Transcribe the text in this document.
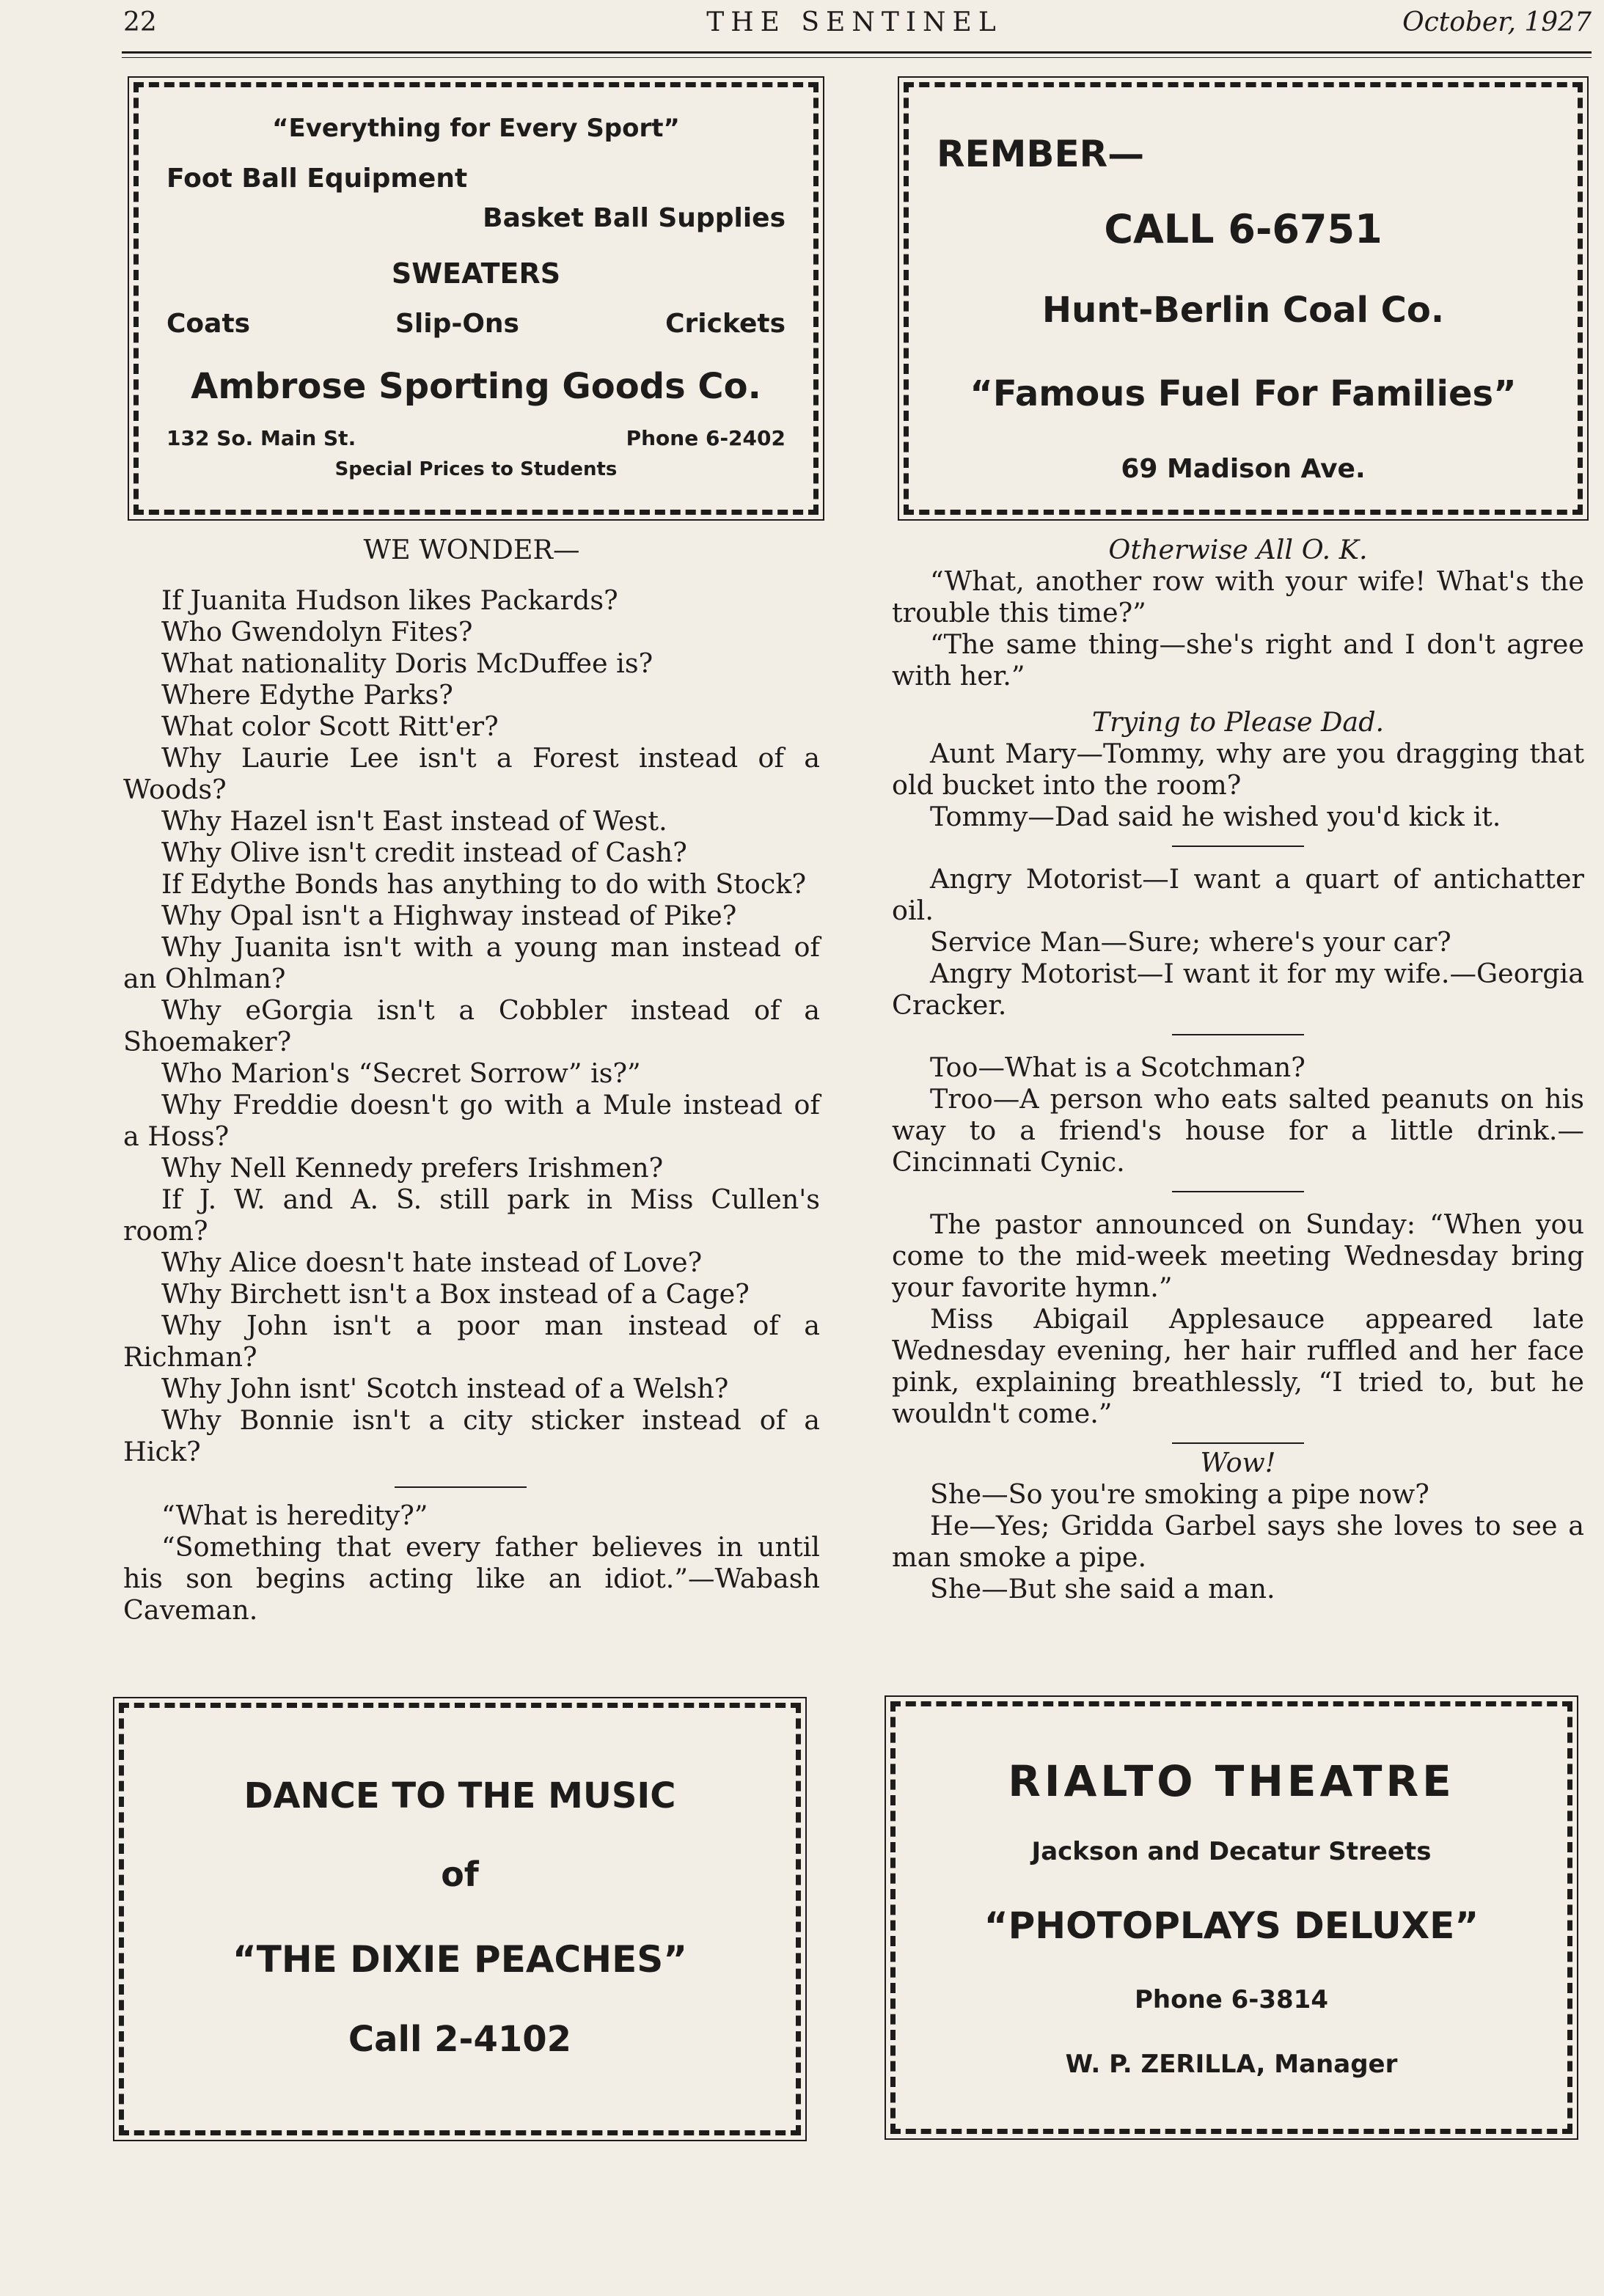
22	THE SENTINEL	October, 1927
“Everything for Every Sport”
Foot Ball Equipment
Basket Ball Supplies
SWEATERS
Coats	Slip-Ons	Crickets
Ambrose Sporting Goods Co.
132 So. Main St.	Phone 6-2402
Special Prices to Students
REMBER—
CALL 6-6751
Hunt-Berlin Coal Co.
“Famous Fuel For Families”
69 Madison Ave.
WE WONDER—

If Juanita Hudson likes Packards?

Who Gwendolyn Fites?

What nationality Doris McDuffee is?

Where Edythe Parks?

What color Scott Ritt'er?

Why Laurie Lee isn't a Forest instead of a Woods?

Why Hazel isn't East instead of West.

Why Olive isn't credit instead of Cash?

If Edythe Bonds has anything to do with Stock?

Why Opal isn't a Highway instead of Pike?

Why Juanita isn't with a young man instead of an Ohlman?

Why eGorgia isn't a Cobbler instead of a Shoemaker?

Who Marion's “Secret Sorrow” is?”

Why Freddie doesn't go with a Mule instead of a Hoss?

Why Nell Kennedy prefers Irishmen?

If J. W. and A. S. still park in Miss Cullen's room?

Why Alice doesn't hate instead of Love?

Why Birchett isn't a Box instead of a Cage?

Why John isn't a poor man instead of a Richman?

Why John isnt' Scotch instead of a Welsh?

Why Bonnie isn't a city sticker instead of a Hick?

“What is heredity?”

“Something that every father believes in until his son begins acting like an idiot.”—Wabash Caveman.

Otherwise All O. K.

“What, another row with your wife! What's the trouble this time?”

“The same thing—she's right and I don't agree with her.”

Trying to Please Dad.

Aunt Mary—Tommy, why are you dragging that old bucket into the room?

Tommy—Dad said he wished you'd kick it.

Angry Motorist—I want a quart of antichatter oil.

Service Man—Sure; where's your car?

Angry Motorist—I want it for my wife.—Georgia Cracker.

Too—What is a Scotchman?

Troo—A person who eats salted peanuts on his way to a friend's house for a little drink.—Cincinnati Cynic.

The pastor announced on Sunday: “When you come to the mid-week meeting Wednesday bring your favorite hymn.”

Miss Abigail Applesauce appeared late Wednesday evening, her hair ruffled and her face pink, explaining breathlessly, “I tried to, but he wouldn't come.”

Wow!

She—So you're smoking a pipe now?

He—Yes; Gridda Garbel says she loves to see a man smoke a pipe.

She—But she said a man.

DANCE TO THE MUSIC
of
“THE DIXIE PEACHES”
Call 2-4102
RIALTO THEATRE
Jackson and Decatur Streets
“PHOTOPLAYS DELUXE”
Phone 6-3814
W. P. ZERILLA, Manager
